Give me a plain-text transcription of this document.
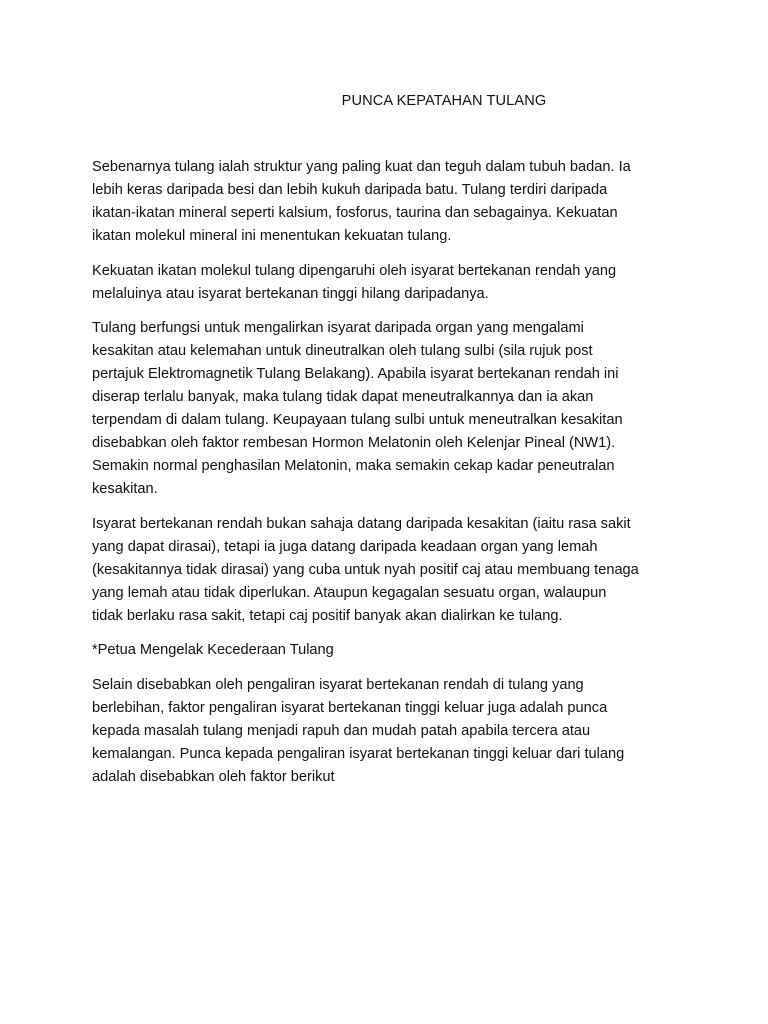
PUNCA KEPATAHAN TULANG

Sebenarnya tulang ialah struktur yang paling kuat dan teguh dalam tubuh badan. Ia
lebih keras daripada besi dan lebih kukuh daripada batu. Tulang terdiri daripada
ikatan-ikatan mineral seperti kalsium, fosforus, taurina dan sebagainya. Kekuatan
ikatan molekul mineral ini menentukan kekuatan tulang.

Kekuatan ikatan molekul tulang dipengaruhi oleh isyarat bertekanan rendah yang
melaluinya atau isyarat bertekanan tinggi hilang daripadanya.

Tulang berfungsi untuk mengalirkan isyarat daripada organ yang mengalami
kesakitan atau kelemahan untuk dineutralkan oleh tulang sulbi (sila rujuk post
pertajuk Elektromagnetik Tulang Belakang). Apabila isyarat bertekanan rendah ini
diserap terlalu banyak, maka tulang tidak dapat meneutralkannya dan ia akan
terpendam di dalam tulang. Keupayaan tulang sulbi untuk meneutralkan kesakitan
disebabkan oleh faktor rembesan Hormon Melatonin oleh Kelenjar Pineal (NW1).
Semakin normal penghasilan Melatonin, maka semakin cekap kadar peneutralan
kesakitan.

Isyarat bertekanan rendah bukan sahaja datang daripada kesakitan (iaitu rasa sakit
yang dapat dirasai), tetapi ia juga datang daripada keadaan organ yang lemah
(kesakitannya tidak dirasai) yang cuba untuk nyah positif caj atau membuang tenaga
yang lemah atau tidak diperlukan. Ataupun kegagalan sesuatu organ, walaupun
tidak berlaku rasa sakit, tetapi caj positif banyak akan dialirkan ke tulang.

*Petua Mengelak Kecederaan Tulang

Selain disebabkan oleh pengaliran isyarat bertekanan rendah di tulang yang
berlebihan, faktor pengaliran isyarat bertekanan tinggi keluar juga adalah punca
kepada masalah tulang menjadi rapuh dan mudah patah apabila tercera atau
kemalangan. Punca kepada pengaliran isyarat bertekanan tinggi keluar dari tulang
adalah disebabkan oleh faktor berikut
